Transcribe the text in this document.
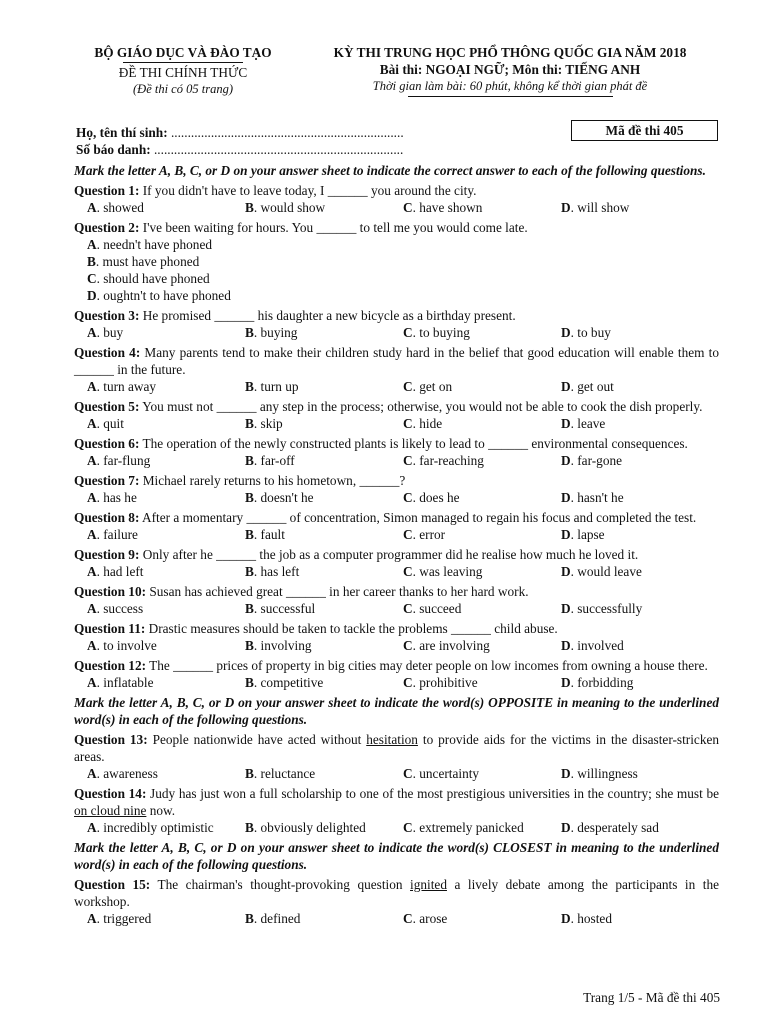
BỘ GIÁO DỤC VÀ ĐÀO TẠO
ĐỀ THI CHÍNH THỨC
(Đề thi có 05 trang)
KỲ THI TRUNG HỌC PHỔ THÔNG QUỐC GIA NĂM 2018
Bài thi: NGOẠI NGỮ; Môn thi: TIẾNG ANH
Thời gian làm bài: 60 phút, không kể thời gian phát đề
Họ, tên thí sinh: ......................................................................
Số báo danh: ...........................................................................
Mã đề thi 405
Mark the letter A, B, C, or D on your answer sheet to indicate the correct answer to each of the following questions.
Question 1: If you didn't have to leave today, I ______ you around the city.
A. showed	B. would show	C. have shown	D. will show
Question 2: I've been waiting for hours. You ______ to tell me you would come late.
A. needn't have phoned
B. must have phoned
C. should have phoned
D. oughtn't to have phoned
Question 3: He promised ______ his daughter a new bicycle as a birthday present.
A. buy	B. buying	C. to buying	D. to buy
Question 4: Many parents tend to make their children study hard in the belief that good education will enable them to ______ in the future.
A. turn away	B. turn up	C. get on	D. get out
Question 5: You must not ______ any step in the process; otherwise, you would not be able to cook the dish properly.
A. quit	B. skip	C. hide	D. leave
Question 6: The operation of the newly constructed plants is likely to lead to ______ environmental consequences.
A. far-flung	B. far-off	C. far-reaching	D. far-gone
Question 7: Michael rarely returns to his hometown, ______?
A. has he	B. doesn't he	C. does he	D. hasn't he
Question 8: After a momentary ______ of concentration, Simon managed to regain his focus and completed the test.
A. failure	B. fault	C. error	D. lapse
Question 9: Only after he ______ the job as a computer programmer did he realise how much he loved it.
A. had left	B. has left	C. was leaving	D. would leave
Question 10: Susan has achieved great ______ in her career thanks to her hard work.
A. success	B. successful	C. succeed	D. successfully
Question 11: Drastic measures should be taken to tackle the problems ______ child abuse.
A. to involve	B. involving	C. are involving	D. involved
Question 12: The ______ prices of property in big cities may deter people on low incomes from owning a house there.
A. inflatable	B. competitive	C. prohibitive	D. forbidding
Mark the letter A, B, C, or D on your answer sheet to indicate the word(s) OPPOSITE in meaning to the underlined word(s) in each of the following questions.
Question 13: People nationwide have acted without hesitation to provide aids for the victims in the disaster-stricken areas.
A. awareness	B. reluctance	C. uncertainty	D. willingness
Question 14: Judy has just won a full scholarship to one of the most prestigious universities in the country; she must be on cloud nine now.
A. incredibly optimistic	B. obviously delighted	C. extremely panicked	D. desperately sad
Mark the letter A, B, C, or D on your answer sheet to indicate the word(s) CLOSEST in meaning to the underlined word(s) in each of the following questions.
Question 15: The chairman's thought-provoking question ignited a lively debate among the participants in the workshop.
A. triggered	B. defined	C. arose	D. hosted
Trang 1/5 - Mã đề thi 405
